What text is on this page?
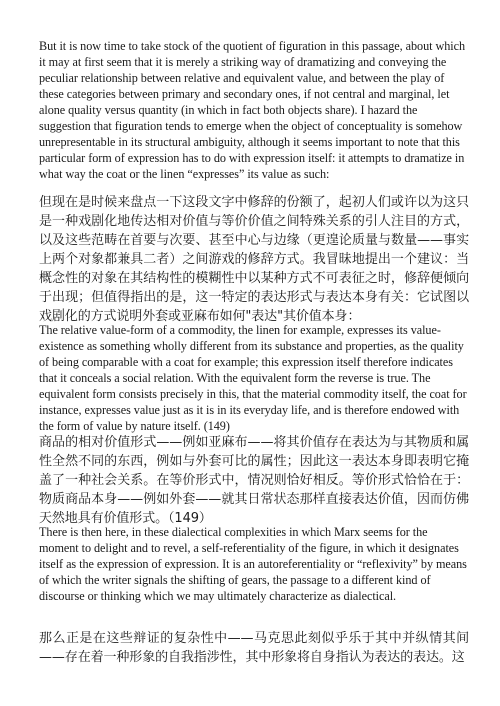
But it is now time to take stock of the quotient of figuration in this passage, about which it may at first seem that it is merely a striking way of dramatizing and conveying the peculiar relationship between relative and equivalent value, and between the play of these categories between primary and secondary ones, if not central and marginal, let alone quality versus quantity (in which in fact both objects share). I hazard the suggestion that figuration tends to emerge when the object of conceptuality is somehow unrepresentable in its structural ambiguity, although it seems important to note that this particular form of expression has to do with expression itself: it attempts to dramatize in what way the coat or the linen “expresses” its value as such:

但现在是时候来盘点一下这段文字中修辞的份额了，起初人们或许以为这只是一种戏剧化地传达相对价值与等价价值之间特殊关系的引人注目的方式，以及这些范畴在首要与次要、甚至中心与边缘（更遑论质量与数量——事实上两个对象都兼具二者）之间游戏的修辞方式。我冒昧地提出一个建议：当概念性的对象在其结构性的模糊性中以某种方式不可表征之时，修辞便倾向于出现；但值得指出的是，这一特定的表达形式与表达本身有关：它试图以戏剧化的方式说明外套或亚麻布如何"表达"其价值本身：

The relative value-form of a commodity, the linen for example, expresses its value-existence as something wholly different from its substance and properties, as the quality of being comparable with a coat for example; this expression itself therefore indicates that it conceals a social relation. With the equivalent form the reverse is true. The equivalent form consists precisely in this, that the material commodity itself, the coat for instance, expresses value just as it is in its everyday life, and is therefore endowed with the form of value by nature itself. (149)

商品的相对价值形式——例如亚麻布——将其价值存在表达为与其物质和属性全然不同的东西，例如与外套可比的属性；因此这一表达本身即表明它掩盖了一种社会关系。在等价形式中，情况则恰好相反。等价形式恰恰在于：物质商品本身——例如外套——就其日常状态那样直接表达价值，因而仿佛天然地具有价值形式。（149）

There is then here, in these dialectical complexities in which Marx seems for the moment to delight and to revel, a self-referentiality of the figure, in which it designates itself as the expression of expression. It is an autoreferentiality or “reflexivity” by means of which the writer signals the shifting of gears, the passage to a different kind of discourse or thinking which we may ultimately characterize as dialectical.

那么正是在这些辩证的复杂性中——马克思此刻似乎乐于其中并纵情其间——存在着一种形象的自我指涉性，其中形象将自身指认为表达的表达。这
